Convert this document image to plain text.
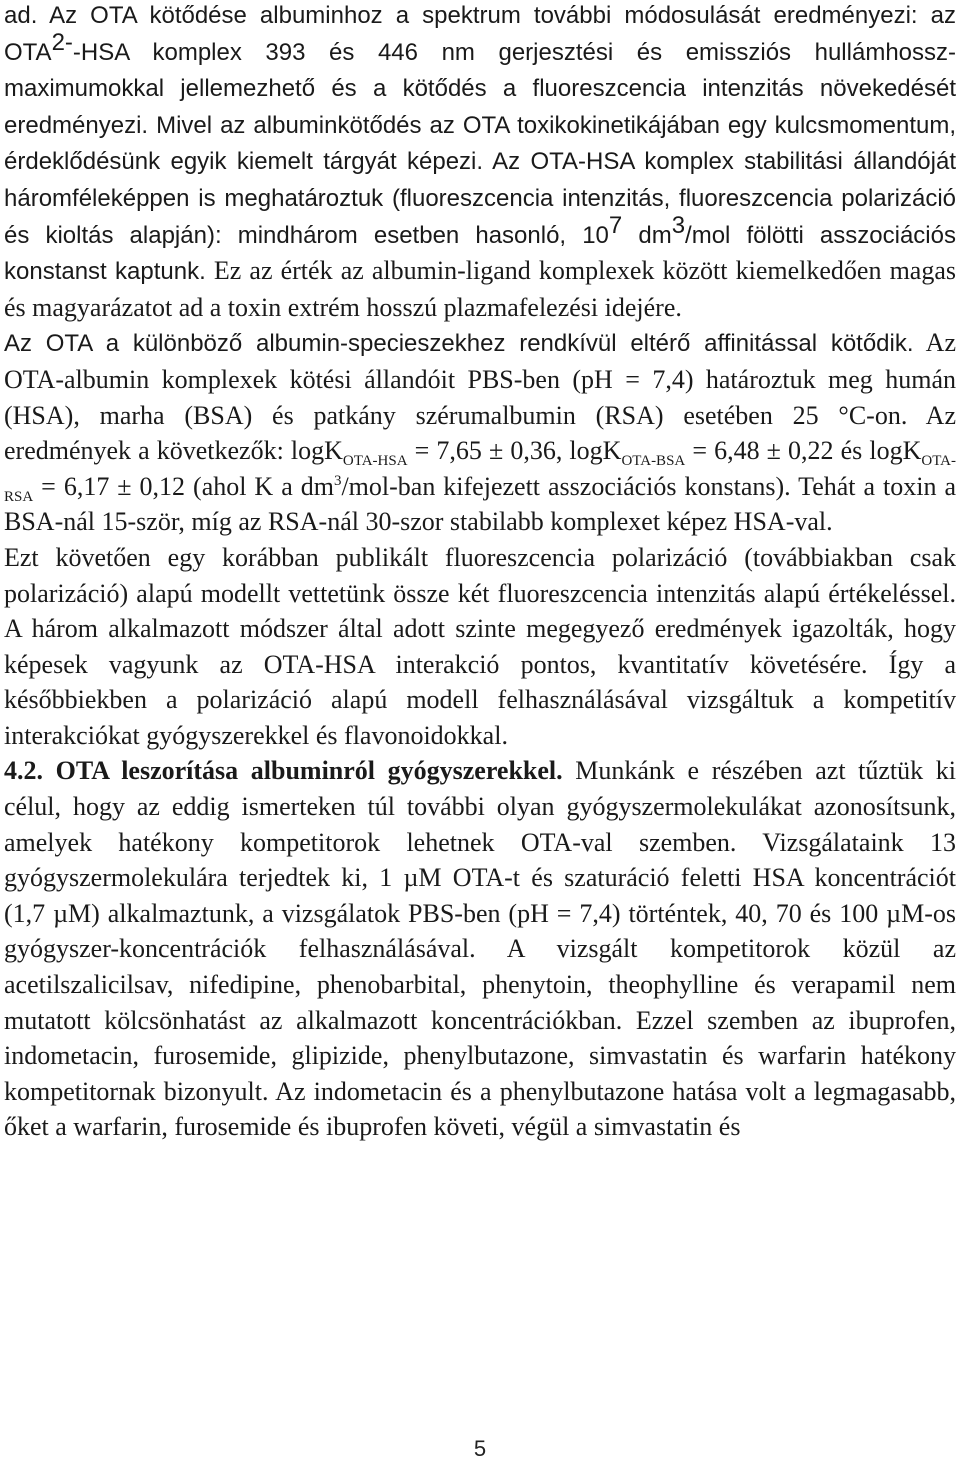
ad. Az OTA kötődése albuminhoz a spektrum további módosulását eredményezi: az $OTA^{2-}$-HSA komplex 393 és 446 nm gerjesztési és emissziós hullámhossz-maximumokkal jellemezhető és a kötődés a fluoreszcencia intenzitás növekedését eredményezi. Mivel az albuminkötődés az OTA toxikokinetikájában egy kulcsmomentum, érdeklődésünk egyik kiemelt tárgyát képezi. Az OTA-HSA komplex stabilitási állandóját háromféleképpen is meghatároztuk (fluoreszcencia intenzitás, fluoreszcencia polarizáció és kioltás alapján): mindhárom esetben hasonló, $10^7$ $dm^3$/mol fölötti asszociációs konstanst kaptunk. Ez az érték az albumin-ligand komplexek között kiemelkedően magas és magyarázatot ad a toxin extrém hosszú plazmafelezési idejére.

Az OTA a különböző albumin-specieszekhez rendkívül eltérő affinitással kötődik. Az OTA-albumin komplexek kötési állandóit PBS-ben (pH = 7,4) határoztuk meg humán (HSA), marha (BSA) és patkány szérumalbumin (RSA) esetében 25 °C-on. Az eredmények a következők: logK$_{OTA-HSA}$ = 7,65 ± 0,36, logK$_{OTA-BSA}$ = 6,48 ± 0,22 és logK$_{OTA-RSA}$ = 6,17 ± 0,12 (ahol K a $dm^3/mol$-ban kifejezett asszociációs konstans). Tehát a toxin a BSA-nál 15-ször, míg az RSA-nál 30-szor stabilabb komplexet képez HSA-val.

Ezt követően egy korábban publikált fluoreszcencia polarizáció (továbbiakban csak polarizáció) alapú modellt vettetünk össze két fluoreszcencia intenzitás alapú értékeléssel. A három alkalmazott módszer által adott szinte megegyező eredmények igazolták, hogy képesek vagyunk az OTA-HSA interakció pontos, kvantitatív követésére. Így a későbbiekben a polarizáció alapú modell felhasználásával vizsgáltuk a kompetitív interakciókat gyógyszerekkel és flavonoidokkal.

4.2. OTA leszorítása albuminról gyógyszerekkel. Munkánk e részében azt tűztük ki célul, hogy az eddig ismerteken túl további olyan gyógyszermolekulákat azonosítsunk, amelyek hatékony kompetitorok lehetnek OTA-val szemben. Vizsgálataink 13 gyógyszermolekulára terjedtek ki, 1 µM OTA-t és szaturáció feletti HSA koncentrációt (1,7 µM) alkalmaztunk, a vizsgálatok PBS-ben (pH = 7,4) történtek, 40, 70 és 100 µM-os gyógyszer-koncentrációk felhasználásával. A vizsgált kompetitorok közül az acetilszalicilsav, nifedipine, phenobarbital, phenytoin, theophylline és verapamil nem mutatott kölcsönhatást az alkalmazott koncentrációkban. Ezzel szemben az ibuprofen, indometacin, furosemide, glipizide, phenylbutazone, simvastatin és warfarin hatékony kompetitornak bizonyult. Az indometacin és a phenylbutazone hatása volt a legmagasabb, őket a warfarin, furosemide és ibuprofen követi, végül a simvastatin és

5
